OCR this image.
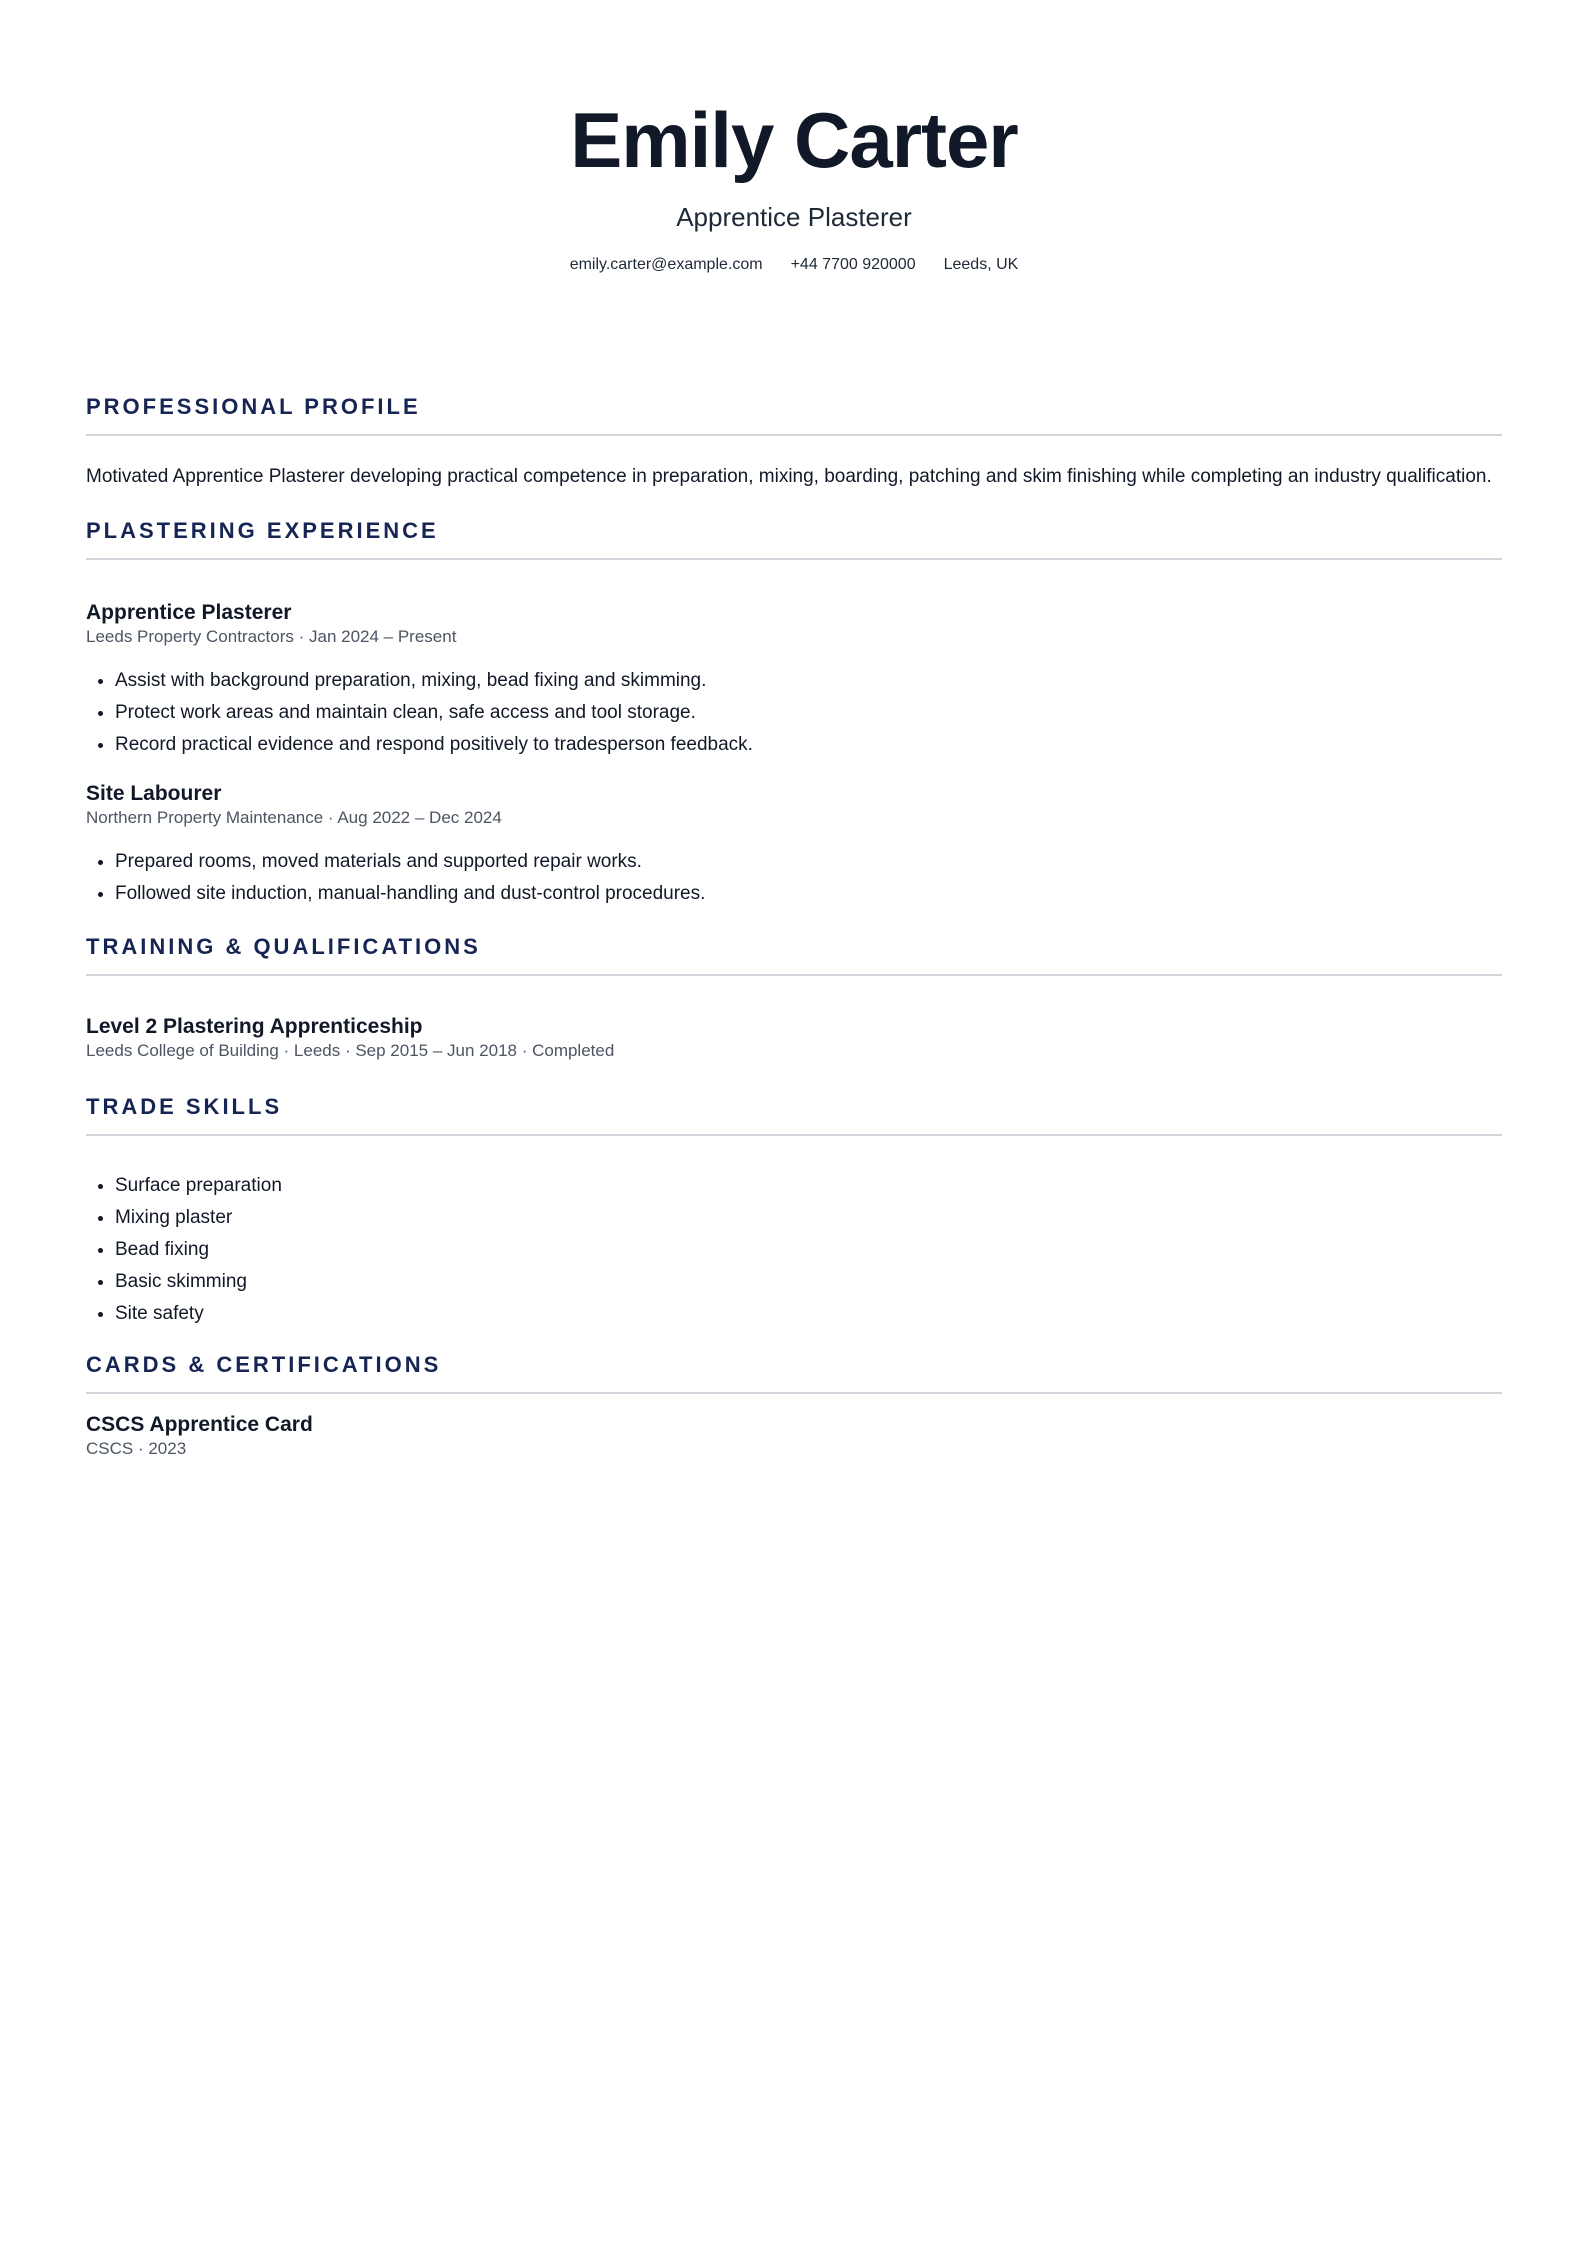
Emily Carter
Apprentice Plasterer
emily.carter@example.com +44 7700 920000 Leeds, UK
PROFESSIONAL PROFILE
Motivated Apprentice Plasterer developing practical competence in preparation, mixing, boarding, patching and skim finishing while completing an industry qualification.
PLASTERING EXPERIENCE
Apprentice Plasterer
Leeds Property Contractors · Jan 2024 – Present
• Assist with background preparation, mixing, bead fixing and skimming.
• Protect work areas and maintain clean, safe access and tool storage.
• Record practical evidence and respond positively to tradesperson feedback.
Site Labourer
Northern Property Maintenance · Aug 2022 – Dec 2024
• Prepared rooms, moved materials and supported repair works.
• Followed site induction, manual-handling and dust-control procedures.
TRAINING & QUALIFICATIONS
Level 2 Plastering Apprenticeship
Leeds College of Building · Leeds · Sep 2015 – Jun 2018 · Completed
TRADE SKILLS
• Surface preparation
• Mixing plaster
• Bead fixing
• Basic skimming
• Site safety
CARDS & CERTIFICATIONS
CSCS Apprentice Card
CSCS · 2023
